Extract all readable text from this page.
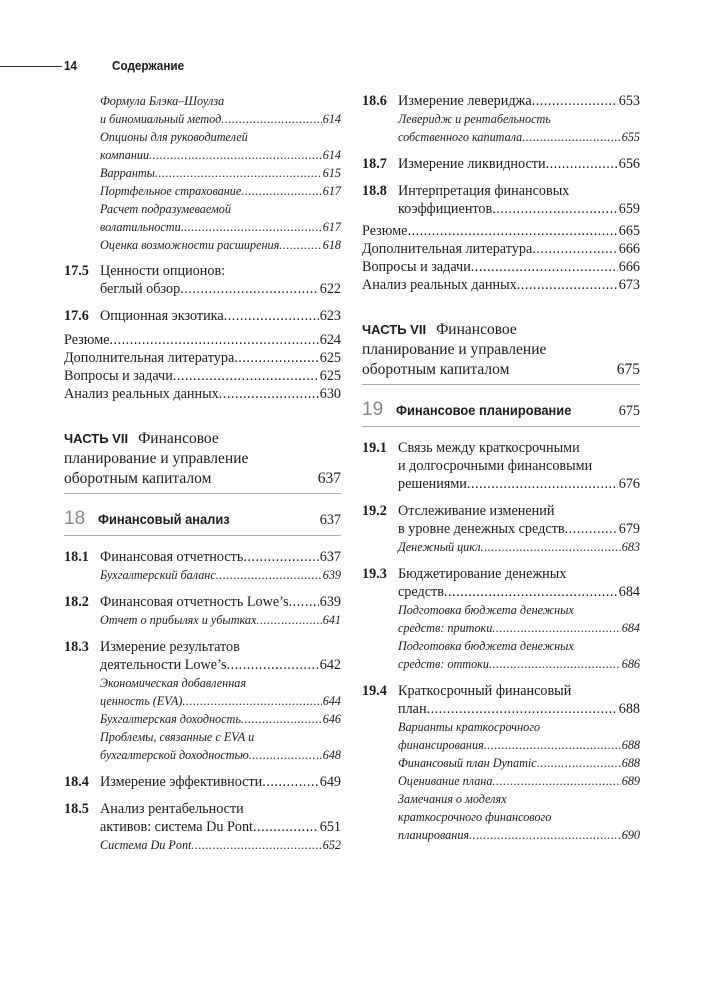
14	Содержание
Формула Блэка–Шоулза
и биномиальный метод .....	614
Опционы для руководителей
компании .....	614
Варранты .....	615
Портфельное страхование .....	617
Расчет подразумеваемой
волатильности .....	617
Оценка возможности расширения .....	618
17.5 Ценности опционов:
беглый обзор .....	622
17.6 Опционная экзотика .....	623
Резюме .....	624
Дополнительная литература .....	625
Вопросы и задачи .....	625
Анализ реальных данных .....	630
ЧАСТЬ VII Финансовое
планирование и управление
оборотным капиталом	637
18 Финансовый анализ	637
18.1 Финансовая отчетность .....	637
Бухгалтерский баланс .....	639
18.2 Финансовая отчетность Lowe’s ..... 639
Отчет о прибылях и убытках .....	641
18.3 Измерение результатов
деятельности Lowe’s .....	642
Экономическая добавленная
ценность (EVA) .....	644
Бухгалтерская доходность .....	646
Проблемы, связанные с EVA и
бухгалтерской доходностью .....	648
18.4 Измерение эффективности .....	649
18.5 Анализ рентабельности
активов: система Du Pont .....	651
Система Du Pont .....	652
18.6 Измерение левериджа .....	653
Леверидж и рентабельность
собственного капитала .....	655
18.7 Измерение ликвидности .....	656
18.8 Интерпретация финансовых
коэффициентов .....	659
Резюме .....	665
Дополнительная литература .....	666
Вопросы и задачи .....	666
Анализ реальных данных .....	673
ЧАСТЬ VII Финансовое
планирование и управление
оборотным капиталом	675
19 Финансовое планирование	675
19.1 Связь между краткосрочными
и долгосрочными финансовыми
решениями .....	676
19.2 Отслеживание изменений
в уровне денежных средств .....	679
Денежный цикл .....	683
19.3 Бюджетирование денежных
средств .....	684
Подготовка бюджета денежных
средств: притоки .....	684
Подготовка бюджета денежных
средств: оттоки .....	686
19.4 Краткосрочный финансовый
план .....	688
Варианты краткосрочного
финансирования .....	688
Финансовый план Dynamic .....	688
Оценивание плана .....	689
Замечания о моделях
краткосрочного финансового
планирования .....	690
